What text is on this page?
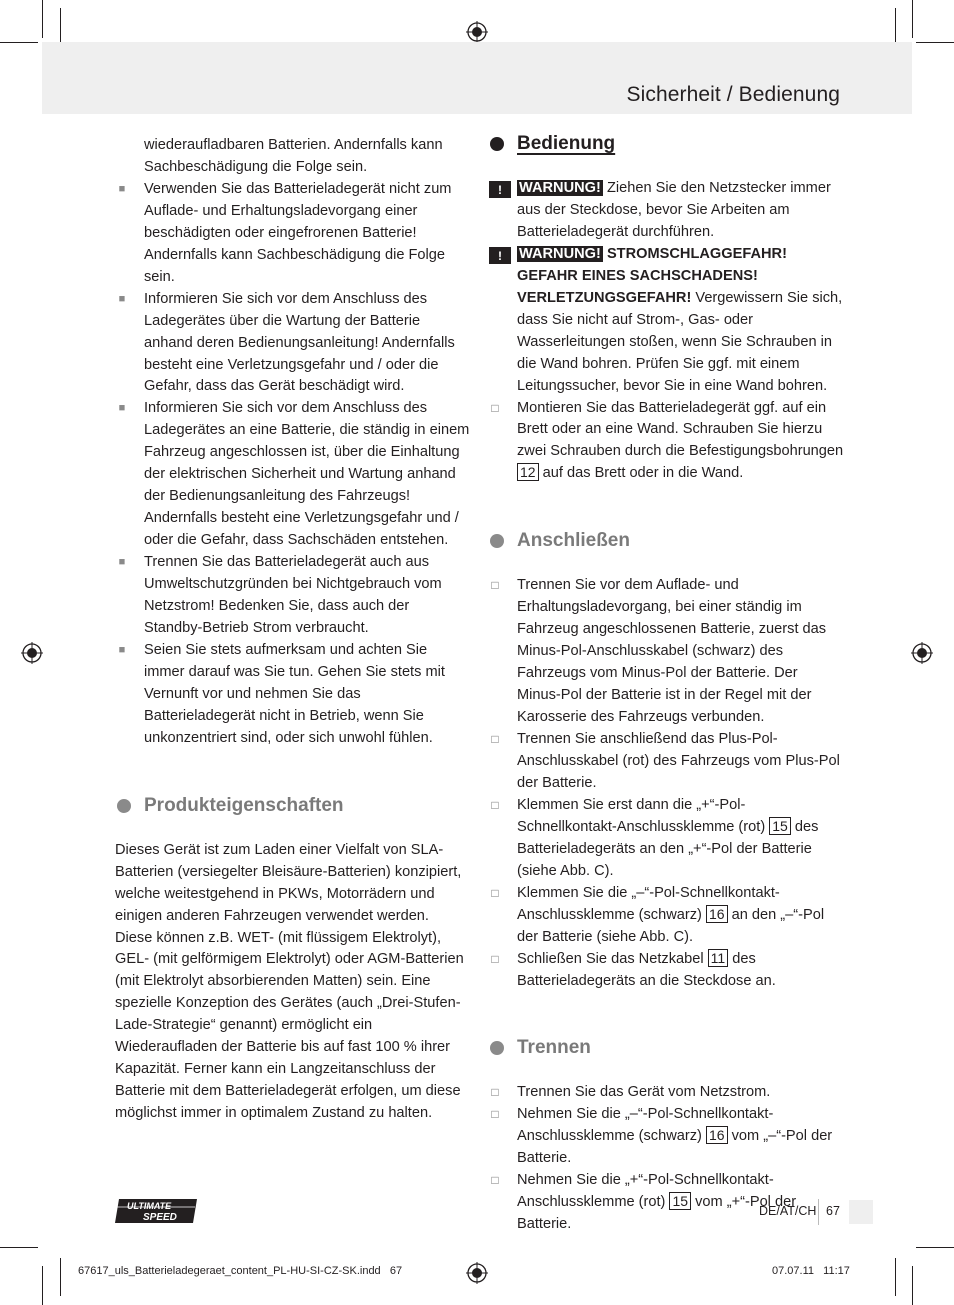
Sicherheit / Bedienung

wiederaufladbaren Batterien. Andernfalls kann Sachbeschädigung die Folge sein.

■ Verwenden Sie das Batterieladegerät nicht zum Auflade- und Erhaltungsladevorgang einer beschädigten oder eingefrorenen Batterie! Andernfalls kann Sachbeschädigung die Folge sein.
■ Informieren Sie sich vor dem Anschluss des Ladegerätes über die Wartung der Batterie anhand deren Bedienungsanleitung! Andernfalls besteht eine Verletzungsgefahr und / oder die Gefahr, dass das Gerät beschädigt wird.
■ Informieren Sie sich vor dem Anschluss des Ladegerätes an eine Batterie, die ständig in einem Fahrzeug angeschlossen ist, über die Einhaltung der elektrischen Sicherheit und Wartung anhand der Bedienungsanleitung des Fahrzeugs! Andernfalls besteht eine Verletzungsgefahr und / oder die Gefahr, dass Sachschäden entstehen.
■ Trennen Sie das Batterieladegerät auch aus Umweltschutzgründen bei Nichtgebrauch vom Netzstrom! Bedenken Sie, dass auch der Standby-Betrieb Strom verbraucht.
■ Seien Sie stets aufmerksam und achten Sie immer darauf was Sie tun. Gehen Sie stets mit Vernunft vor und nehmen Sie das Batterieladegerät nicht in Betrieb, wenn Sie unkonzentriert sind, oder sich unwohl fühlen.
Produkteigenschaften

Dieses Gerät ist zum Laden einer Vielfalt von SLA-Batterien (versiegelter Bleisäure-Batterien) konzipiert, welche weitestgehend in PKWs, Motorrädern und einigen anderen Fahrzeugen verwendet werden. Diese können z.B. WET- (mit flüssigem Elektrolyt), GEL- (mit gelförmigem Elektrolyt) oder AGM-Batterien (mit Elektrolyt absorbierenden Matten) sein. Eine spezielle Konzeption des Gerätes (auch „Drei-Stufen-Lade-Strategie“ genannt) ermöglicht ein Wiederaufladen der Batterie bis auf fast 100 % ihrer Kapazität. Ferner kann ein Langzeitanschluss der Batterie mit dem Batterieladegerät erfolgen, um diese möglichst immer in optimalem Zustand zu halten.

Bedienung
!	WARNUNG! Ziehen Sie den Netzstecker immer aus der Steckdose, bevor Sie Arbeiten am Batterieladegerät durchführen.
!	WARNUNG! STROMSCHLAGGEFAHR! GEFAHR EINES SACHSCHADENS! VERLETZUNGSGEFAHR! Vergewissern Sie sich, dass Sie nicht auf Strom-, Gas- oder Wasserleitungen stoßen, wenn Sie Schrauben in die Wand bohren. Prüfen Sie ggf. mit einem Leitungssucher, bevor Sie in eine Wand bohren.
□ Montieren Sie das Batterieladegerät ggf. auf ein Brett oder an eine Wand. Schrauben Sie hierzu zwei Schrauben durch die Befestigungsbohrungen 12 auf das Brett oder in die Wand.
Anschließen
□ Trennen Sie vor dem Auflade- und Erhaltungsladevorgang, bei einer ständig im Fahrzeug angeschlossenen Batterie, zuerst das Minus-Pol-Anschlusskabel (schwarz) des Fahrzeugs vom Minus-Pol der Batterie. Der Minus-Pol der Batterie ist in der Regel mit der Karosserie des Fahrzeugs verbunden.
□ Trennen Sie anschließend das Plus-Pol-Anschlusskabel (rot) des Fahrzeugs vom Plus-Pol der Batterie.
□ Klemmen Sie erst dann die „+“-Pol-Schnellkontakt-Anschlussklemme (rot) 15 des Batterieladegeräts an den „+“-Pol der Batterie (siehe Abb. C).
□ Klemmen Sie die „–“-Pol-Schnellkontakt-Anschlussklemme (schwarz) 16 an den „–“-Pol der Batterie (siehe Abb. C).
□ Schließen Sie das Netzkabel 11 des Batterieladegeräts an die Steckdose an.
Trennen
□ Trennen Sie das Gerät vom Netzstrom.
□ Nehmen Sie die „–“-Pol-Schnellkontakt-Anschlussklemme (schwarz) 16 vom „–“-Pol der Batterie.
□ Nehmen Sie die „+“-Pol-Schnellkontakt-Anschlussklemme (rot) 15 vom „+“-Pol der Batterie.
ULTIMATE
SPEED	DE/AT/CH 67
67617_uls_Batterieladegeraet_content_PL-HU-SI-CZ-SK.indd   67	07.07.11   11:17
